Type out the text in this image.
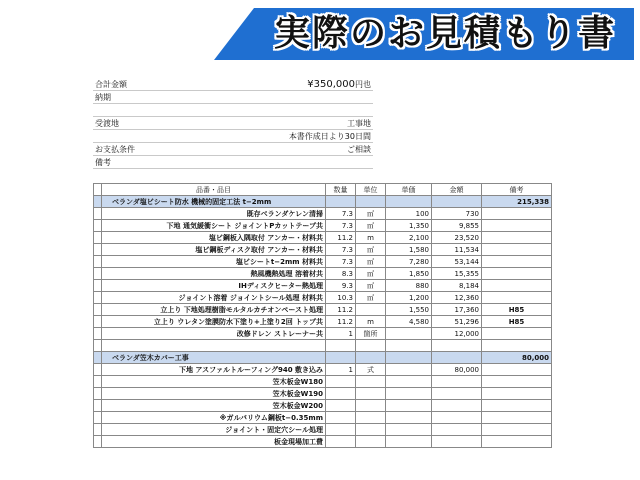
実際のお見積もり書
合計金額	¥350,000円也
納期
受渡地	工事地
本書作成日より30日間
お支払条件	ご相談
備考
	品番・品目	数量	単位	単価	金額	備考
	ベランダ塩ビシート防水 機械的固定工法 t−2mm					215,338
	既存ベランダケレン清掃	7.3	㎡	100	730	
	下地 通気緩衝シート ジョイントPカットテープ共	7.3	㎡	1,350	9,855	
	塩ビ鋼板入隅取付 アンカー・材料共	11.2	m	2,100	23,520	
	塩ビ鋼板ディスク取付 アンカー・材料共	7.3	㎡	1,580	11,534	
	塩ビシートt−2mm 材料共	7.3	㎡	7,280	53,144	
	熱風機熱処理 溶着材共	8.3	㎡	1,850	15,355	
	IHディスクヒーター熱処理	9.3	㎡	880	8,184	
	ジョイント溶着 ジョイントシール処理 材料共	10.3	㎡	1,200	12,360	
	立上り 下地処理樹脂モルタルカチオンペースト処理	11.2		1,550	17,360	H85
	立上り ウレタン塗膜防水下塗り+上塗り2回 トップ共	11.2	m	4,580	51,296	H85
	改修ドレン ストレーナー共	1	箇所		12,000	

	ベランダ笠木カバー工事					80,000
	下地 アスファルトルーフィング940 敷き込み	1	式		80,000	
	笠木板金W180					
	笠木板金W190					
	笠木板金W200					
	※ガルバリウム鋼板t−0.35mm					
	ジョイント・固定穴シール処理					
	板金現場加工費					
